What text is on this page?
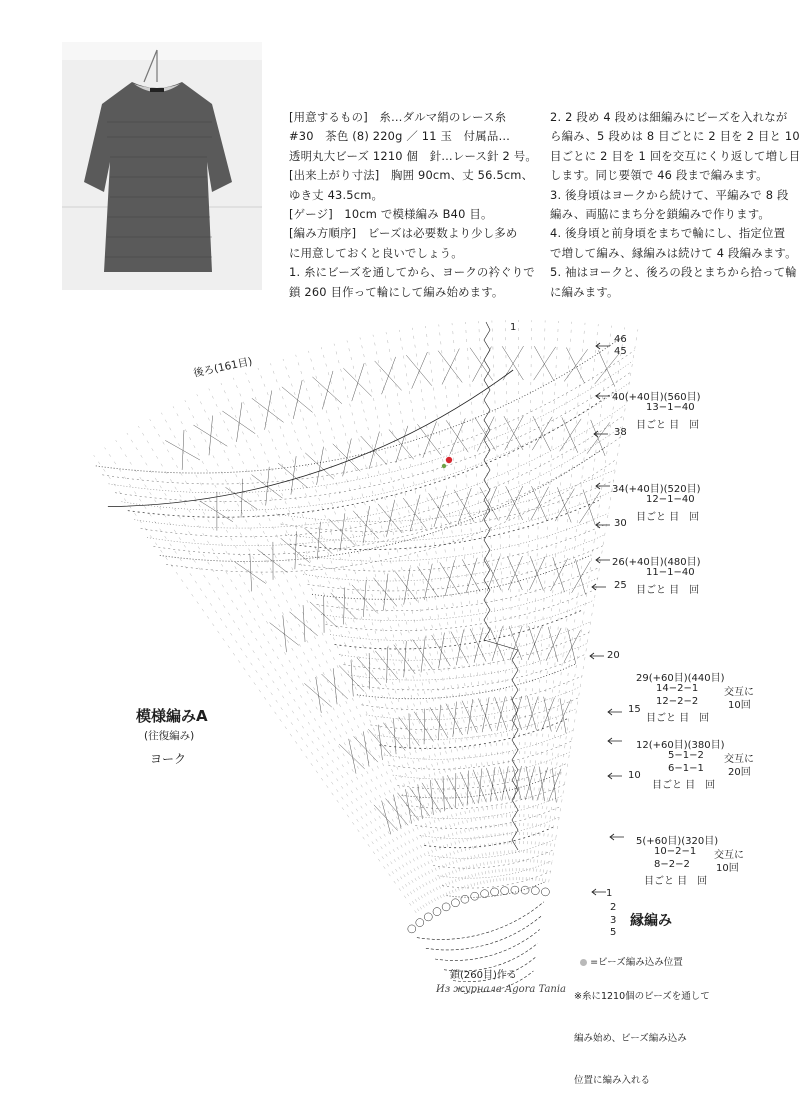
[用意するもの]　糸…ダルマ絹のレース糸

#30　茶色 (8) 220g ／ 11 玉　付属品…

透明丸大ビーズ 1210 個　針…レース針 2 号。

[出来上がり寸法]　胸囲 90cm、丈 56.5cm、

ゆき丈 43.5cm。

[ゲージ]　10cm で模様編み B40 目。

[編み方順序]　ビーズは必要数より少し多め

に用意しておくと良いでしょう。

1. 糸にビーズを通してから、ヨークの衿ぐりで

鎖 260 目作って輪にして編み始めます。

2. 2 段め 4 段めは細編みにビーズを入れなが

ら編み、5 段めは 8 目ごとに 2 目を 2 目と 10

目ごとに 2 目を 1 回を交互にくり返して増し目

します。同じ要領で 46 段まで編みます。

3. 後身頃はヨークから続けて、平編みで 8 段

編み、両脇にまち分を鎖編みで作ります。

4. 後身頃と前身頃をまちで輪にし、指定位置

で増して編み、縁編みは続けて 4 段編みます。

5. 袖はヨークと、後ろの段とまちから拾って輪

に編みます。

後ろ(161目)
1
46
45
38
30
25
20
15
10
40(+40目)(560目)
13−1−40
目ごと 目　回
34(+40目)(520目)
12−1−40
目ごと 目　回
26(+40目)(480目)
11−1−40
目ごと 目　回
29(+60目)(440目)
14−2−1
12−2−2
目ごと 目　回
交互に
10回
12(+60目)(380目)
5−1−2
6−1−1
目ごと 目　回
交互に
20回
5(+60目)(320目)
10−2−1
8−2−2
目ごと 目　回
交互に
10回
模様編みA
(往復編み)
ヨーク
縁編み
1
2
3
5
鎖(260目)作る

=ビーズ編み込み位置

※糸に1210個のビーズを通して

編み始め、ビーズ編み込み

位置に編み入れる

Из журнала Agora Tania
